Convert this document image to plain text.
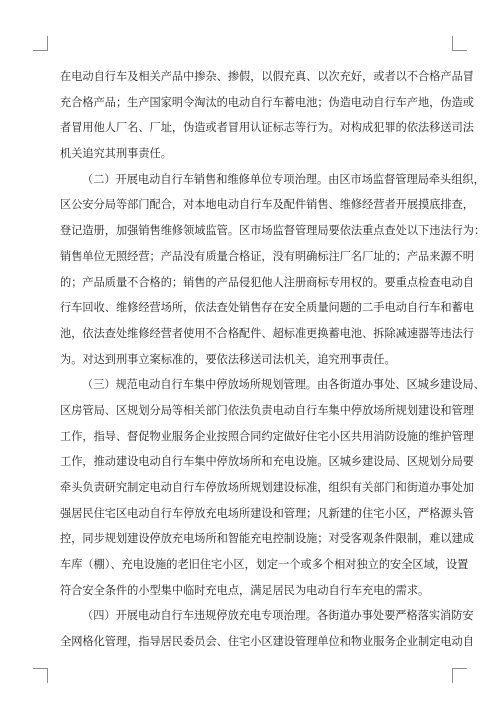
在电动自行车及相关产品中掺杂、掺假，以假充真、以次充好，或者以不合格产品冒
充合格产品；生产国家明令淘汰的电动自行车蓄电池；伪造电动自行车产地，伪造或
者冒用他人厂名、厂址，伪造或者冒用认证标志等行为。对构成犯罪的依法移送司法
机关追究其刑事责任。
（二）开展电动自行车销售和维修单位专项治理。由区市场监督管理局牵头组织，
区公安分局等部门配合，对本地电动自行车及配件销售、维修经营者开展摸底排查，
登记造册，加强销售维修领域监管。区市场监督管理局要依法重点查处以下违法行为：
销售单位无照经营；产品没有质量合格证，没有明确标注厂名厂址的；产品来源不明
的；产品质量不合格的；销售的产品侵犯他人注册商标专用权的。要重点检查电动自
行车回收、维修经营场所，依法查处销售存在安全质量问题的二手电动自行车和蓄电
池，依法查处维修经营者使用不合格配件、超标准更换蓄电池、拆除减速器等违法行
为。对达到刑事立案标准的，要依法移送司法机关，追究刑事责任。
（三）规范电动自行车集中停放场所规划管理。由各街道办事处、区城乡建设局、
区房管局、区规划分局等相关部门依法负责电动自行车集中停放场所规划建设和管理
工作，指导、督促物业服务企业按照合同约定做好住宅小区共用消防设施的维护管理
工作，推动建设电动自行车集中停放场所和充电设施。区城乡建设局、区规划分局要
牵头负责研究制定电动自行车停放场所规划建设标准，组织有关部门和街道办事处加
强居民住宅区电动自行车停放充电场所建设和管理；凡新建的住宅小区，严格源头管
控，同步规划建设停放充电场所和智能充电控制设施；对受客观条件限制，难以建成
车库（棚）、充电设施的老旧住宅小区，划定一个或多个相对独立的安全区域，设置
符合安全条件的小型集中临时充电点，满足居民为电动自行车充电的需求。
（四）开展电动自行车违规停放充电专项治理。各街道办事处要严格落实消防安
全网格化管理，指导居民委员会、住宅小区建设管理单位和物业服务企业制定电动自
